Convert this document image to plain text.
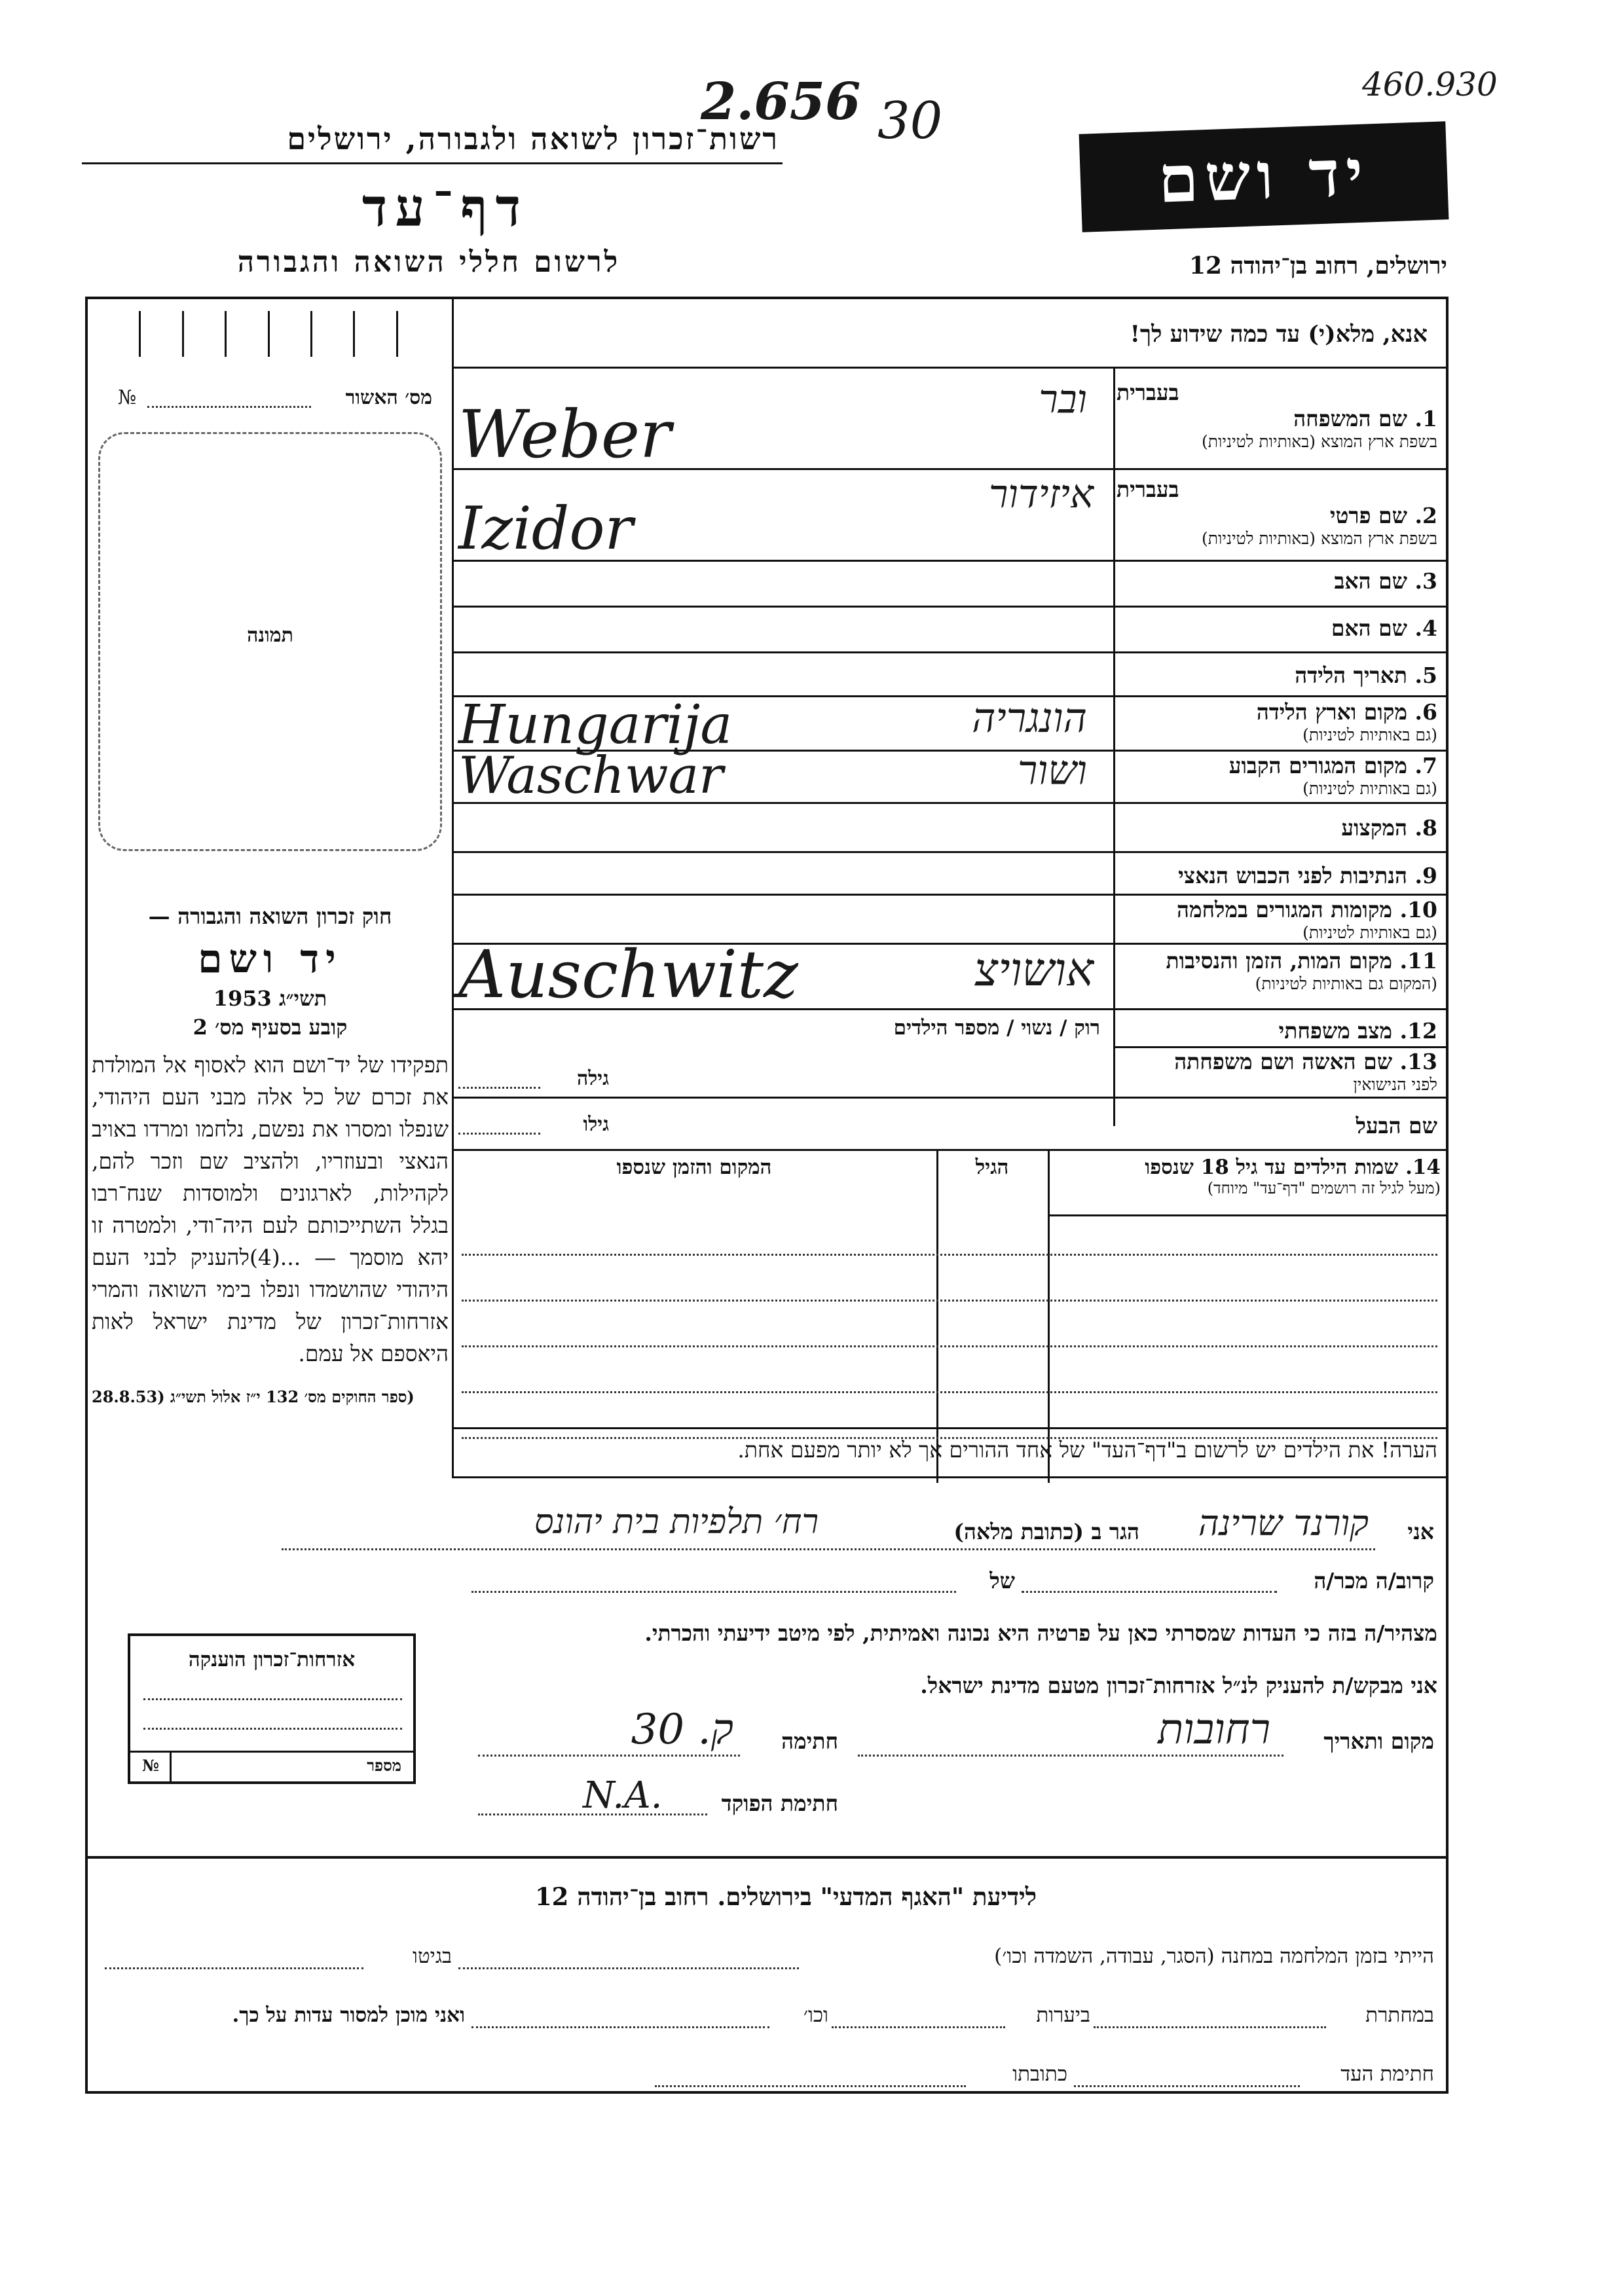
2.656 30
460.930
רשות־זכרון לשואה ולגבורה, ירושלים
דף־עד
לרשום חללי השואה והגבורה
יד ושם
ירושלים, רחוב בן־יהודה 12
אנא, מלא(י) עד כמה שידוע לך!
№	מס׳ האשור
תמונה
חוק זכרון השואה והגבורה —
יד ושם
תשי״ג 1953
קובע בסעיף מס׳ 2
תפקידו של יד־ושם הוא לאסוף אל המולדת את זכרם של כל אלה מבני העם היהודי, שנפלו ומסרו את נפשם, נלחמו ומרדו באויב הנאצי ובעוזריו, ולהציב שם וזכר להם, לקהילות, לארגונים ולמוסדות שנח־רבו בגלל השתייכותם לעם היה־ודי, ולמטרה זו יהא מוסמך — ...(4)להעניק לבני העם היהודי שהושמדו ונפלו בימי השואה והמרי אזרחות־זכרון של מדינת ישראל לאות היאספם אל עמם.
(ספר החוקים מס׳ 132 י״ז אלול תשי״ג (28.8.53
בעברית
1. שם המשפחה
בשפת ארץ המוצא (באותיות לטיניות)
ובר
Weber
בעברית
2. שם פרטי
בשפת ארץ המוצא (באותיות לטיניות)
איזידור
Izidor
3. שם האב
4. שם האם
5. תאריך הלידה
6. מקום וארץ הלידה
(גם באותיות לטיניות)
הונגריה
Hungarija
7. מקום המגורים הקבוע
(גם באותיות לטיניות)
ושור
Waschwar
8. המקצוע
9. הנתיבות לפני הכבוש הנאצי
10. מקומות המגורים במלחמה
(גם באותיות לטיניות)
11. מקום המות, הזמן והנסיבות
(המקום גם באותיות לטיניות)
אושויצ
Auschwitz
12. מצב משפחתי
רוק / נשוי / מספר הילדים
13. שם האשה ושם משפחתה
לפני הנישואין
גילה
שם הבעל
גילו
14. שמות הילדים עד גיל 18 שנספו
(מעל לגיל זה רושמים "דף־עד" מיוחד)
הגיל
המקום והזמן שנספו
הערה! את הילדים יש לרשום ב"דף־העד" של אחד ההורים אך לא יותר מפעם אחת.
אני
קורנד שרינה
הגר ב (כתובת מלאה)
רח׳ תלפיות בית יהונס
קרוב/ה מכר/ה
של
מצהיר/ה בזה כי העדות שמסרתי כאן על פרטיה היא נכונה ואמיתית, לפי מיטב ידיעתי והכרתי.
אני מבקש/ת להעניק לנ״ל אזרחות־זכרון מטעם מדינת ישראל.
מקום ותאריך
רחובות
חתימה
ק. 30
חתימת הפוקד
N.A.
אזרחות־זכרון הוענקה
№	מספר
לידיעת "האגף המדעי" בירושלים. רחוב בן־יהודה 12
הייתי בזמן המלחמה במחנה (הסגר, עבודה, השמדה וכו׳)
בגיטו
במחתרת
ביערות
וכו׳
ואני מוכן למסור עדות על כך.
חתימת העד
כתובתו
